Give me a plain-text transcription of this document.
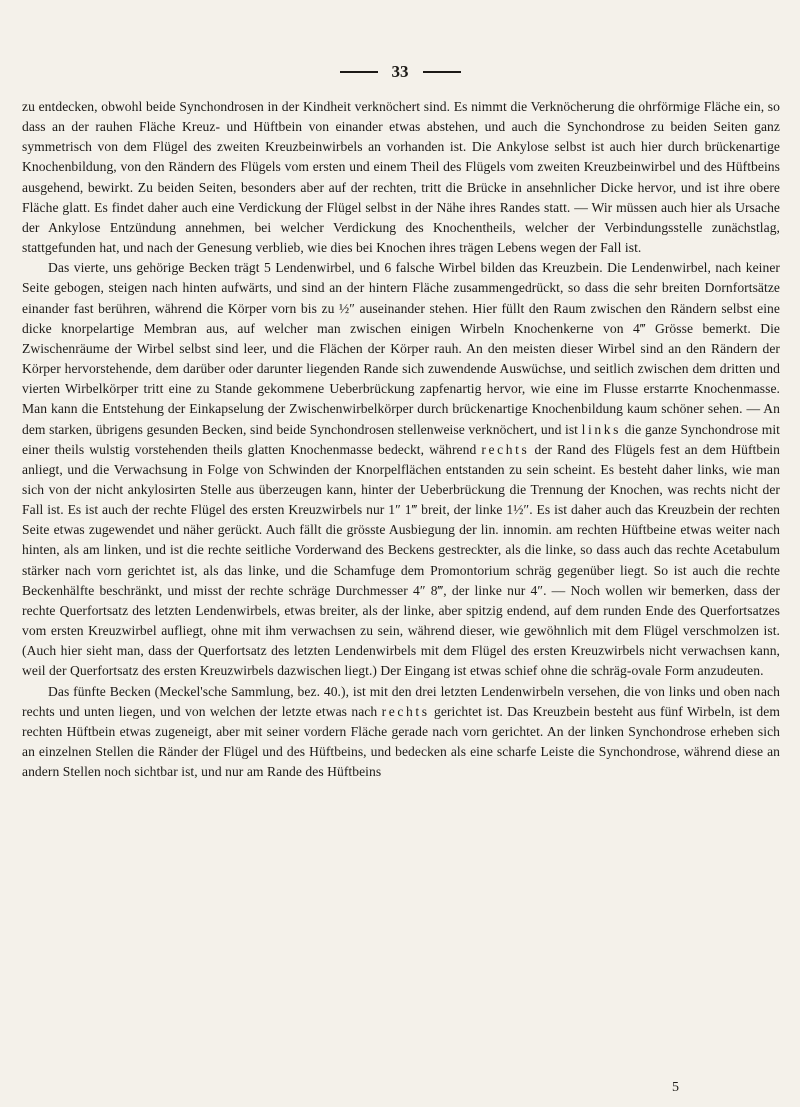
33

zu entdecken, obwohl beide Synchondrosen in der Kindheit verknöchert sind. Es nimmt die Verknöcherung die ohrförmige Fläche ein, so dass an der rauhen Fläche Kreuz- und Hüftbein von einander etwas abstehen, und auch die Synchondrose zu beiden Seiten ganz symmetrisch von dem Flügel des zweiten Kreuzbeinwirbels an vorhanden ist. Die Ankylose selbst ist auch hier durch brückenartige Knochenbildung, von den Rändern des Flügels vom ersten und einem Theil des Flügels vom zweiten Kreuzbeinwirbel und des Hüftbeins ausgehend, bewirkt. Zu beiden Seiten, besonders aber auf der rechten, tritt die Brücke in ansehnlicher Dicke hervor, und ist ihre obere Fläche glatt. Es findet daher auch eine Verdickung der Flügel selbst in der Nähe ihres Randes statt. — Wir müssen auch hier als Ursache der Ankylose Entzündung annehmen, bei welcher Verdickung des Knochentheils, welcher der Verbindungsstelle zunächstlag, stattgefunden hat, und nach der Genesung verblieb, wie dies bei Knochen ihres trägen Lebens wegen der Fall ist.

Das vierte, uns gehörige Becken trägt 5 Lendenwirbel, und 6 falsche Wirbel bilden das Kreuzbein. Die Lendenwirbel, nach keiner Seite gebogen, steigen nach hinten aufwärts, und sind an der hintern Fläche zusammengedrückt, so dass die sehr breiten Dornfortsätze einander fast berühren, während die Körper vorn bis zu ½″ auseinander stehen. Hier füllt den Raum zwischen den Rändern selbst eine dicke knorpelartige Membran aus, auf welcher man zwischen einigen Wirbeln Knochenkerne von 4‴ Grösse bemerkt. Die Zwischenräume der Wirbel selbst sind leer, und die Flächen der Körper rauh. An den meisten dieser Wirbel sind an den Rändern der Körper hervorstehende, dem darüber oder darunter liegenden Rande sich zuwendende Auswüchse, und seitlich zwischen dem dritten und vierten Wirbelkörper tritt eine zu Stande gekommene Ueberbrückung zapfenartig hervor, wie eine im Flusse erstarrte Knochenmasse. Man kann die Entstehung der Einkapselung der Zwischenwirbelkörper durch brückenartige Knochenbildung kaum schöner sehen. — An dem starken, übrigens gesunden Becken, sind beide Synchondrosen stellenweise verknöchert, und ist links die ganze Synchondrose mit einer theils wulstig vorstehenden theils glatten Knochenmasse bedeckt, während rechts der Rand des Flügels fest an dem Hüftbein anliegt, und die Verwachsung in Folge von Schwinden der Knorpelflächen entstanden zu sein scheint. Es besteht daher links, wie man sich von der nicht ankylosirten Stelle aus überzeugen kann, hinter der Ueberbrückung die Trennung der Knochen, was rechts nicht der Fall ist. Es ist auch der rechte Flügel des ersten Kreuzwirbels nur 1″ 1‴ breit, der linke 1½″. Es ist daher auch das Kreuzbein der rechten Seite etwas zugewendet und näher gerückt. Auch fällt die grösste Ausbiegung der lin. innomin. am rechten Hüftbeine etwas weiter nach hinten, als am linken, und ist die rechte seitliche Vorderwand des Beckens gestreckter, als die linke, so dass auch das rechte Acetabulum stärker nach vorn gerichtet ist, als das linke, und die Schamfuge dem Promontorium schräg gegenüber liegt. So ist auch die rechte Beckenhälfte beschränkt, und misst der rechte schräge Durchmesser 4″ 8‴, der linke nur 4″. — Noch wollen wir bemerken, dass der rechte Querfortsatz des letzten Lendenwirbels, etwas breiter, als der linke, aber spitzig endend, auf dem runden Ende des Querfortsatzes vom ersten Kreuzwirbel aufliegt, ohne mit ihm verwachsen zu sein, während dieser, wie gewöhnlich mit dem Flügel verschmolzen ist. (Auch hier sieht man, dass der Querfortsatz des letzten Lendenwirbels mit dem Flügel des ersten Kreuzwirbels nicht verwachsen kann, weil der Querfortsatz des ersten Kreuzwirbels dazwischen liegt.) Der Eingang ist etwas schief ohne die schräg-ovale Form anzudeuten.

Das fünfte Becken (Meckel'sche Sammlung, bez. 40.), ist mit den drei letzten Lendenwirbeln versehen, die von links und oben nach rechts und unten liegen, und von welchen der letzte etwas nach rechts gerichtet ist. Das Kreuzbein besteht aus fünf Wirbeln, ist dem rechten Hüftbein etwas zugeneigt, aber mit seiner vordern Fläche gerade nach vorn gerichtet. An der linken Synchondrose erheben sich an einzelnen Stellen die Ränder der Flügel und des Hüftbeins, und bedecken als eine scharfe Leiste die Synchondrose, während diese an andern Stellen noch sichtbar ist, und nur am Rande des Hüftbeins

5
